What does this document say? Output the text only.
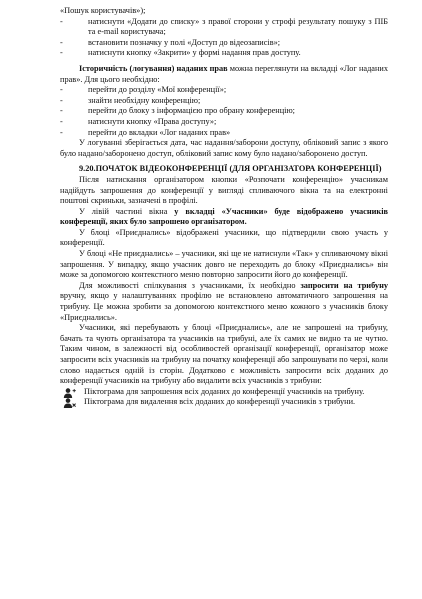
«Пошук користувачів»);

-	натиснути «Додати до списку» з правої сторони у строфі результату пошуку з ПІБ та e-mail користувача;
-	встановити позначку у полі «Доступ до відеозаписів»;
-	натиснути кнопку «Закрити» у формі надання прав доступу.

Історичність (логування) наданих прав можна переглянути на вкладці «Лог наданих прав». Для цього необхідно:

-	перейти до розділу «Мої конференції»;
-	знайти необхідну конференцію;
-	перейти до блоку з інформацією про обрану конференцію;
-	натиснути кнопку «Права доступу»;
-	перейти до вкладки «Лог наданих прав»

У логуванні зберігається дата, час надання/заборони доступу, обліковий запис з якого було надано/заборонено доступ, обліковий запис кому було надано/заборонено доступ.

9.20.ПОЧАТОК ВІДЕОКОНФЕРЕНЦІЇ (ДЛЯ ОРГАНІЗАТОРА КОНФЕРЕНЦІЇ)

Після натискання організатором кнопки «Розпочати конференцію» учасникам надійдуть запрошення до конференції у вигляді спливаючого вікна та на електронні поштові скриньки, зазначені в профілі.

У лівій частині вікна у вкладці «Учасники» буде відображено учасників конференції, яких було запрошено організатором.

У блоці «Приєднались» відображені учасники, що підтвердили свою участь у конференції.

У блоці «Не приєднались» – учасники, які ще не натиснули «Так» у спливаючому вікні запрошення. У випадку, якщо учасник довго не переходить до блоку «Приєднались» він може за допомогою контекстного меню повторно запросити його до конференції.

Для можливості спілкування з учасниками, їх необхідно запросити на трибуну вручну, якщо у налаштуваннях профілю не встановлено автоматичного запрошення на трибуну. Це можна зробити за допомогою контекстного меню кожного з учасників блоку «Приєднались».

Учасники, які перебувають у блоці «Приєднались», але не запрошені на трибуну, бачать та чують організатора та учасників на трибуні, але їх самих не видно та не чутно. Таким чином, в залежності від особливостей організації конференції, організатор може запросити всіх учасників на трибуну на початку конференції або запрошувати по черзі, коли слово надається одній із сторін. Додатково є можливість запросити всіх доданих до конференції учасників на трибуну або видалити всіх учасників з трибуни:

Піктограма для запрошення всіх доданих до конференції учасників на трибуну.
Піктограма для видалення всіх доданих до конференції учасників з трибуни.
